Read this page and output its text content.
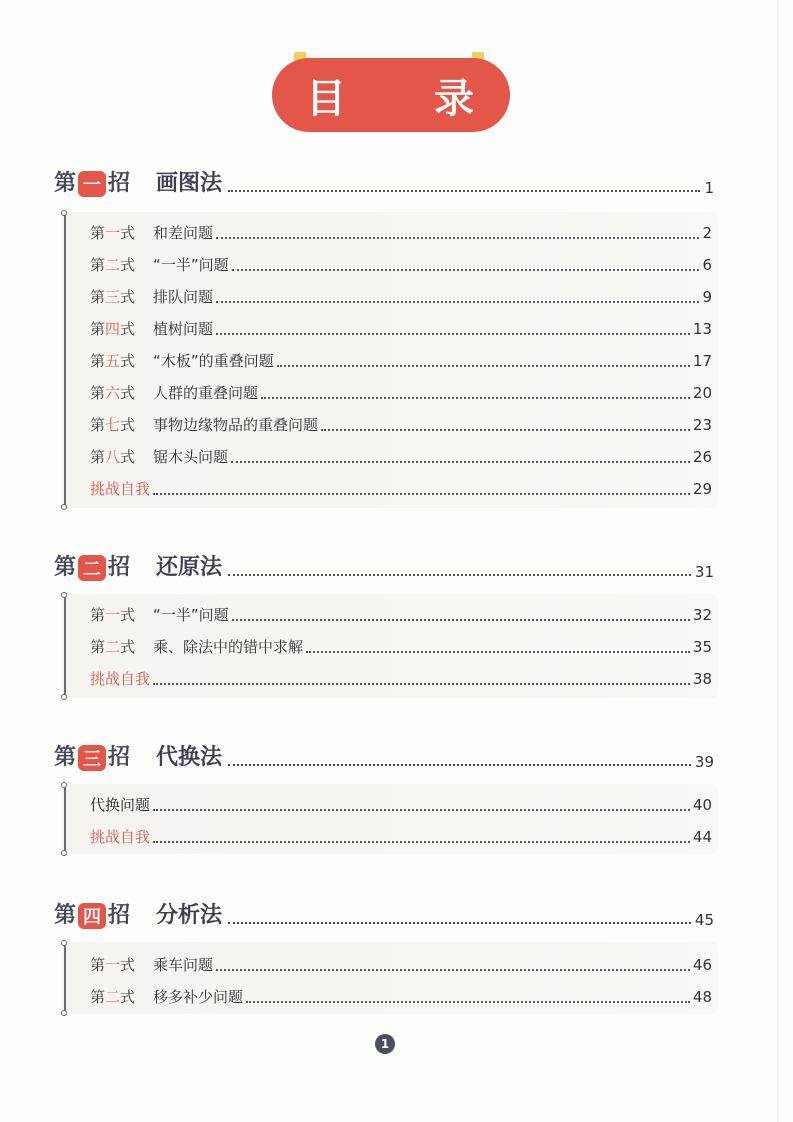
目 录
第 一 招 画图法	1
第 一 式 和差问题	2
第 二 式 “一半”问题	6
第 三 式 排队问题	9
第 四 式 植树问题	13
第 五 式 “木板”的重叠问题	17
第 六 式 人群的重叠问题	20
第 七 式 事物边缘物品的重叠问题	23
第 八 式 锯木头问题	26
挑战自我	29
第 二 招 还原法	31
第 一 式 “一半”问题	32
第 二 式 乘、除法中的错中求解	35
挑战自我	38
第 三 招 代换法	39
代换问题	40
挑战自我	44
第 四 招 分析法	45
第 一 式 乘车问题	46
第 二 式 移多补少问题	48
1
